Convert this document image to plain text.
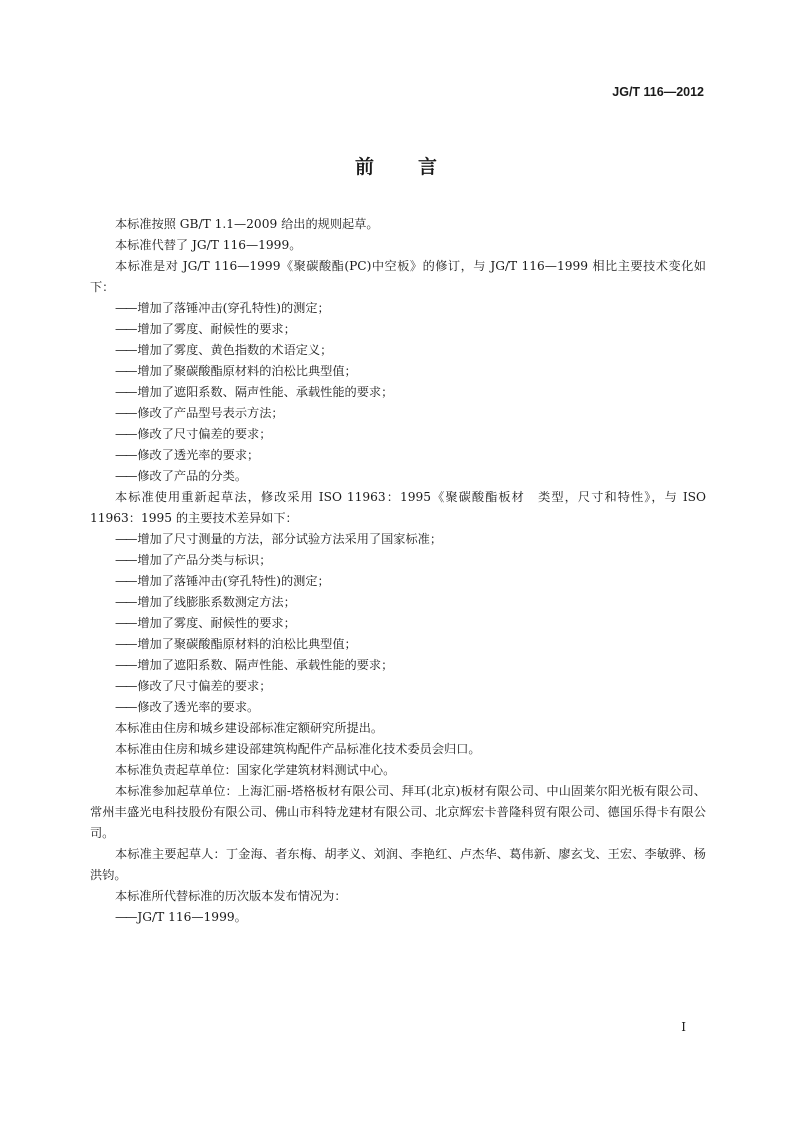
JG/T 116—2012
前 言

本标准按照 GB/T 1.1—2009 给出的规则起草。

本标准代替了 JG/T 116—1999。

本标准是对 JG/T 116—1999《聚碳酸酯(PC)中空板》的修订，与 JG/T 116—1999 相比主要技术变化如下：

—— 增加了落锤冲击(穿孔特性)的测定；

—— 增加了雾度、耐候性的要求；

—— 增加了雾度、黄色指数的术语定义；

—— 增加了聚碳酸酯原材料的泊松比典型值；

—— 增加了遮阳系数、隔声性能、承载性能的要求；

—— 修改了产品型号表示方法；

—— 修改了尺寸偏差的要求；

—— 修改了透光率的要求；

—— 修改了产品的分类。

本标准使用重新起草法，修改采用 ISO 11963：1995《聚碳酸酯板材　类型，尺寸和特性》，与 ISO 11963：1995 的主要技术差异如下：

—— 增加了尺寸测量的方法，部分试验方法采用了国家标准；

—— 增加了产品分类与标识；

—— 增加了落锤冲击(穿孔特性)的测定；

—— 增加了线膨胀系数测定方法；

—— 增加了雾度、耐候性的要求；

—— 增加了聚碳酸酯原材料的泊松比典型值；

—— 增加了遮阳系数、隔声性能、承载性能的要求；

—— 修改了尺寸偏差的要求；

—— 修改了透光率的要求。

本标准由住房和城乡建设部标准定额研究所提出。

本标准由住房和城乡建设部建筑构配件产品标准化技术委员会归口。

本标准负责起草单位：国家化学建筑材料测试中心。

本标准参加起草单位：上海汇丽-塔格板材有限公司、拜耳(北京)板材有限公司、中山固莱尔阳光板有限公司、常州丰盛光电科技股份有限公司、佛山市科特龙建材有限公司、北京辉宏卡普隆科贸有限公司、德国乐得卡有限公司。

本标准主要起草人：丁金海、者东梅、胡孝义、刘润、李艳红、卢杰华、葛伟新、廖玄戈、王宏、李敏骅、杨洪钧。

本标准所代替标准的历次版本发布情况为：

—— JG/T 116—1999。

I
